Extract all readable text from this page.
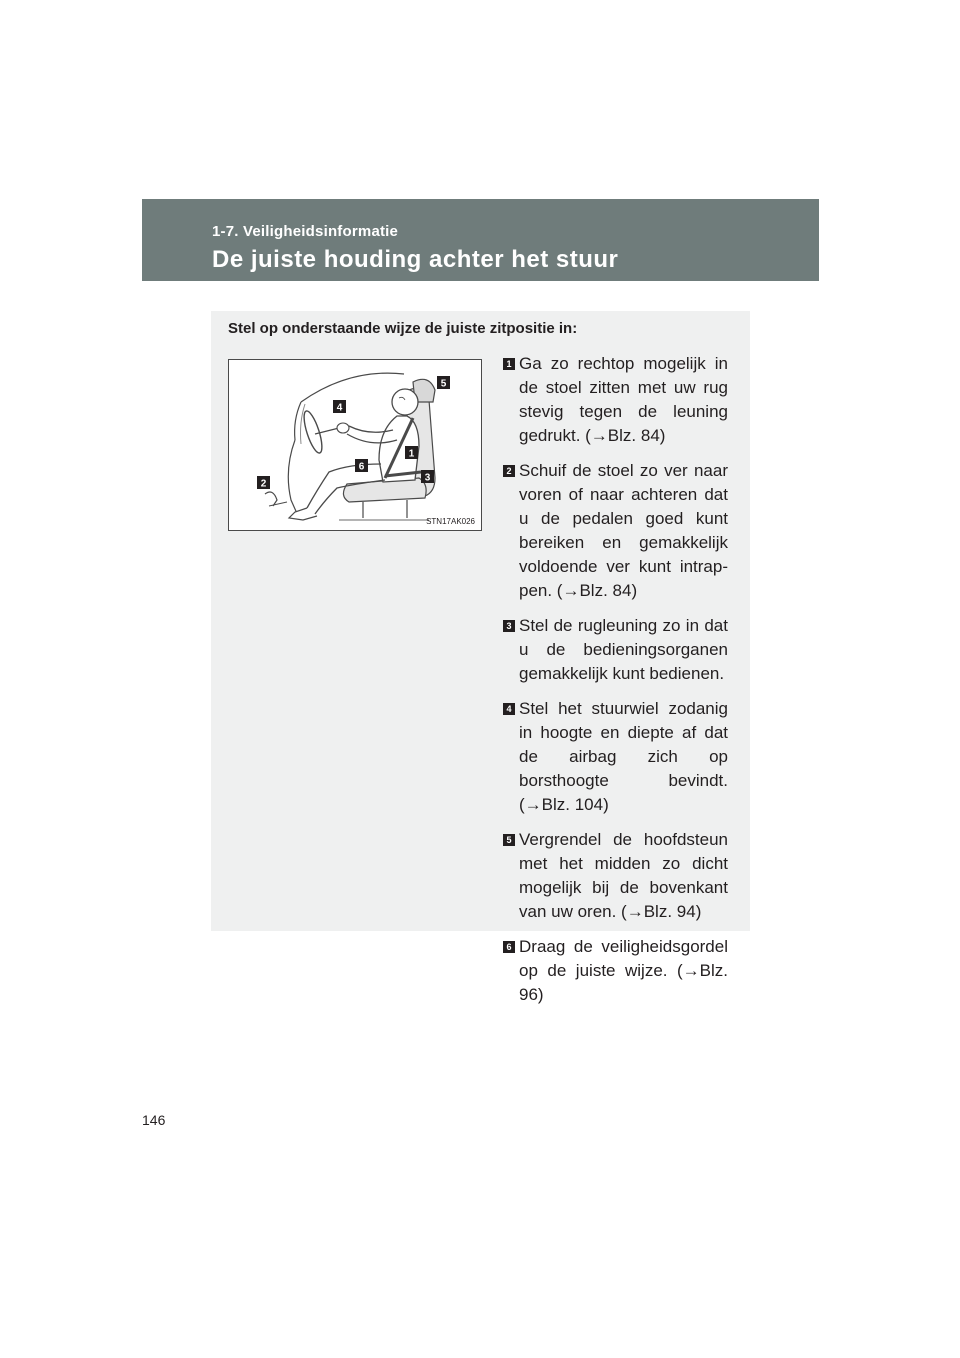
1-7. Veiligheidsinformatie
De juiste houding achter het stuur
Stel op onderstaande wijze de juiste zitpositie in:
1
2
3
4
5
6
STN17AK026
1 Ga zo rechtop mogelijk in de stoel zitten met uw rug stevig tegen de leuning gedrukt. (→Blz. 84)
2 Schuif de stoel zo ver naar voren of naar achteren dat u de pedalen goed kunt bereiken en gemakkelijk voldoende ver kunt intrap-pen. (→Blz. 84)
3 Stel de rugleuning zo in dat u de bedieningsorganen gemakkelijk kunt bedienen.
4 Stel het stuurwiel zodanig in hoogte en diepte af dat de airbag zich op borsthoogte bevindt. (→Blz. 104)
5 Vergrendel de hoofdsteun met het midden zo dicht mogelijk bij de bovenkant van uw oren. (→Blz. 94)
6 Draag de veiligheidsgordel op de juiste wijze. (→Blz. 96)
146
